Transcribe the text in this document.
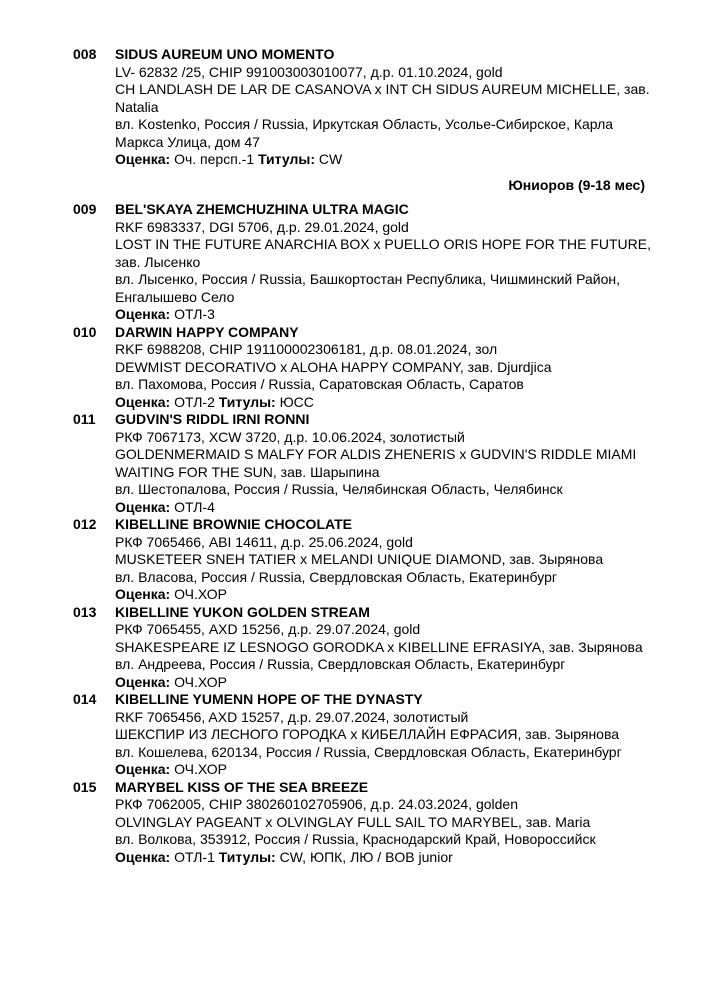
008 SIDUS AUREUM UNO MOMENTO
LV- 62832 /25, CHIP 991003003010077, д.р. 01.10.2024, gold
CH LANDLASH DE LAR DE CASANOVA x INT CH SIDUS AUREUM MICHELLE, зав. Natalia
вл. Kostenko, Россия / Russia, Иркутская Область, Усолье-Сибирское, Карла Маркса Улица, дом 47
Оценка: Оч. персп.-1 Титулы: CW
Юниоров (9-18 мес)
009 BEL'SKAYA ZHEMCHUZHINA ULTRA MAGIC
RKF 6983337, DGI 5706, д.р. 29.01.2024, gold
LOST IN THE FUTURE ANARCHIA BOX x PUELLO ORIS HOPE FOR THE FUTURE, зав. Лысенко
вл. Лысенко, Россия / Russia, Башкортостан Республика, Чишминский Район, Енгалышево Село
Оценка: ОТЛ-3
010 DARWIN HAPPY COMPANY
RKF 6988208, CHIP 191100002306181, д.р. 08.01.2024, зол
DEWMIST DECORATIVO x ALOHA HAPPY COMPANY, зав. Djurdjica
вл. Пахомова, Россия / Russia, Саратовская Область, Саратов
Оценка: ОТЛ-2 Титулы: ЮСС
011 GUDVIN'S RIDDL IRNI RONNI
РКФ 7067173, XCW 3720, д.р. 10.06.2024, золотистый
GOLDENMERMAID S MALFY FOR ALDIS ZHENERIS x GUDVIN'S RIDDLE MIAMI WAITING FOR THE SUN, зав. Шарыпина
вл. Шестопалова, Россия / Russia, Челябинская Область, Челябинск
Оценка: ОТЛ-4
012 KIBELLINE BROWNIE CHOCOLATE
РКФ 7065466, ABI 14611, д.р. 25.06.2024, gold
MUSKETEER SNEH TATIER x MELANDI UNIQUE DIAMOND, зав. Зырянова
вл. Власова, Россия / Russia, Свердловская Область, Екатеринбург
Оценка: ОЧ.ХОР
013 KIBELLINE YUKON GOLDEN STREAM
РКФ 7065455, AXD 15256, д.р. 29.07.2024, gold
SHAKESPEARE IZ LESNOGO GORODKA x KIBELLINE EFRASIYA, зав. Зырянова
вл. Андреева, Россия / Russia, Свердловская Область, Екатеринбург
Оценка: ОЧ.ХОР
014 KIBELLINE YUMENN HOPE OF THE DYNASTY
RKF 7065456, AXD 15257, д.р. 29.07.2024, золотистый
ШЕКСПИР ИЗ ЛЕСНОГО ГОРОДКА x КИБЕЛЛАЙН ЕФРАСИЯ, зав. Зырянова
вл. Кошелева, 620134, Россия / Russia, Свердловская Область, Екатеринбург
Оценка: ОЧ.ХОР
015 MARYBEL KISS OF THE SEA BREEZE
РКФ 7062005, CHIP 380260102705906, д.р. 24.03.2024, golden
OLVINGLAY PAGEANT x OLVINGLAY FULL SAIL TO MARYBEL, зав. Maria
вл. Волкова, 353912, Россия / Russia, Краснодарский Край, Новороссийск
Оценка: ОТЛ-1 Титулы: CW, ЮПК, ЛЮ / BOB junior
